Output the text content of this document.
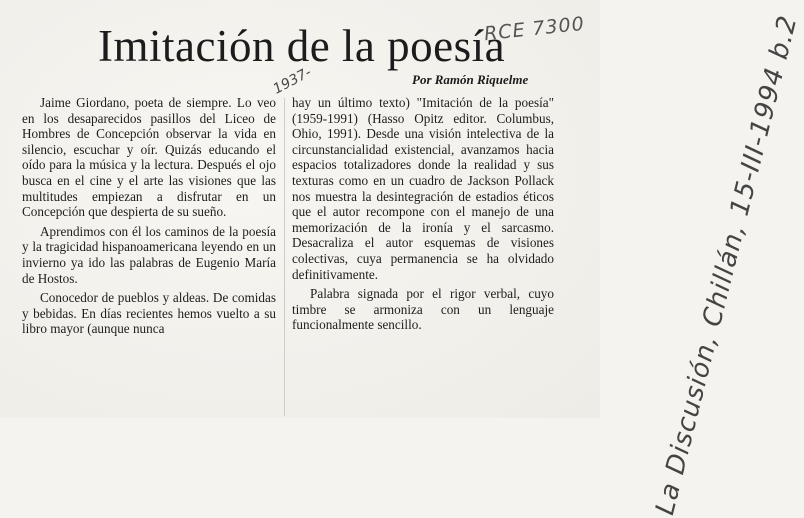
Imitación de la poesía
Por Ramón Riquelme

Jaime Giordano, poeta de siempre. Lo veo en los desaparecidos pasillos del Liceo de Hombres de Concepción observar la vida en silencio, escuchar y oír. Quizás educando el oído para la música y la lectura. Después el ojo busca en el cine y el arte las visiones que las multitudes empiezan a disfrutar en un Concepción que despierta de su sueño.

Aprendimos con él los caminos de la poesía y la tragicidad hispanoamericana leyendo en un invierno ya ido las palabras de Eugenio María de Hostos.

Conocedor de pueblos y aldeas. De comidas y bebidas. En días recientes hemos vuelto a su libro mayor (aunque nunca

hay un último texto) "Imitación de la poesía" (1959-1991) (Hasso Opitz editor. Columbus, Ohio, 1991). Desde una visión intelectiva de la circunstancialidad existencial, avanzamos hacia espacios totalizadores donde la realidad y sus texturas como en un cuadro de Jackson Pollack nos muestra la desintegración de estadios éticos que el autor recompone con el manejo de una memorización de la ironía y el sarcasmo. Desacraliza el autor esquemas de visiones colectivas, cuya permanencia se ha olvidado definitivamente.

Palabra signada por el rigor verbal, cuyo timbre se armoniza con un lenguaje funcionalmente sencillo.

RCE 7300
1937-	La Discusión, Chillán, 15-III-1994 b.2
